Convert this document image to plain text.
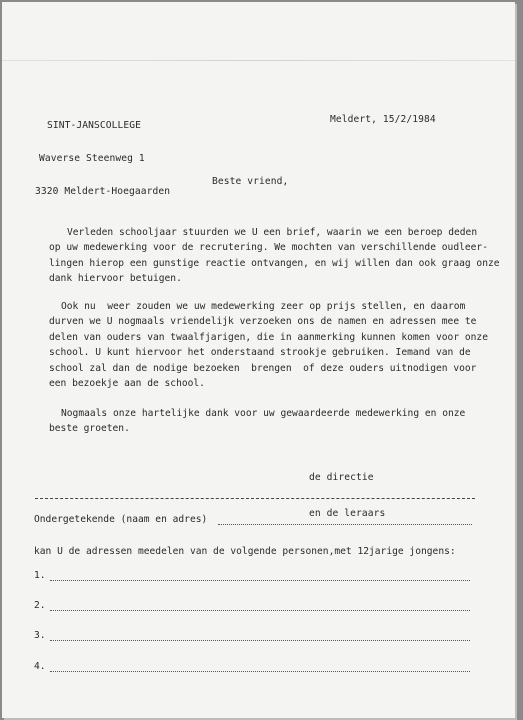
SINT-JANSCOLLEGE

Waverse Steenweg 1

3320 Meldert-Hoegaarden

Meldert, 15/2/1984
Beste vriend,
Verleden schooljaar stuurden we U een brief, waarin we een beroep deden
op uw medewerking voor de recrutering. We mochten van verschillende oudleer-
lingen hierop een gunstige reactie ontvangen, en wij willen dan ook graag onze
dank hiervoor betuigen.
Ook nu  weer zouden we uw medewerking zeer op prijs stellen, en daarom
durven we U nogmaals vriendelijk verzoeken ons de namen en adressen mee te
delen van ouders van twaalfjarigen, die in aanmerking kunnen komen voor onze
school. U kunt hiervoor het onderstaand strookje gebruiken. Iemand van de
school zal dan de nodige bezoeken  brengen  of deze ouders uitnodigen voor
een bezoekje aan de school.
Nogmaals onze hartelijke dank voor uw gewaardeerde medewerking en onze
beste groeten.

de directie

en de leraars

Ondergetekende (naam en adres)
kan U de adressen meedelen van de volgende personen,met 12jarige jongens:
1.
2.
3.
4.
